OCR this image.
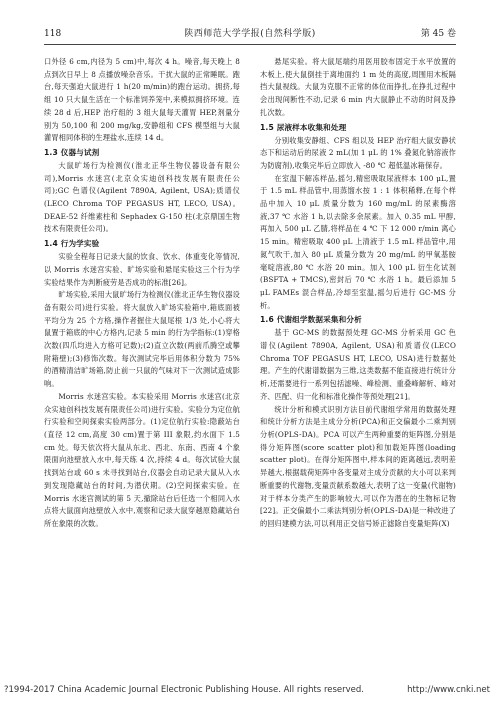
118	陕西师范大学学报(自然科学版)	第 45 卷

口外径 6 cm,内径为 5 cm)中,每次 4 h。噪音,每天晚上 8 点到次日早上 8 点播放噪杂音乐。干扰大鼠的正常睡眠。跑台,每天强迫大鼠进行 1 h(20 m/min)的跑台运动。拥挤,每组 10 只大鼠生活在一个标准饲养笼中,来模拟拥挤环境。连续 28 d 后,HEP 治疗组的 3 组大鼠每天灌胃 HEP,剂量分别为 50,100 和 200 mg/kg,安静组和 CFS 模型组与大鼠灌胃相同体积的生理盐水,连续 14 d。

1.3 仪器与试剂

大鼠旷场行为检测仪(淮北正华生物仪器设备有限公司),Morris 水迷宫(北京众实迪创科技发展有限责任公司);GC 色谱仪(Agilent 7890A, Agilent, USA);质谱仪(LECO Chroma TOF PEGASUS HT, LECO, USA)。DEAE-52 纤维素柱和 Sephadex G-150 柱(北京鼎国生物技术有限责任公司)。

1.4 行为学实验

实验全程每日记录大鼠的饮食、饮水、体重变化等情况,以 Morris 水迷宫实验、旷场实验和悬尾实验这三个行为学实验结果作为判断疲劳是否成功的标准[26]。

旷场实验,采用大鼠旷场行为检测仪(淮北正华生物仪器设备有限公司)进行实验。将大鼠放入旷场实验箱中,箱底面被平均分为 25 个方格,操作者握住大鼠尾根 1/3 处,小心将大鼠置于箱底的中心方格内,记录 5 min 的行为学指标:(1)穿格次数(四爪均进入方格可记数);(2)直立次数(两前爪腾空或攀附箱壁);(3)修饰次数。每次测试完毕后用体积分数为 75% 的酒精清洁旷场箱,防止前一只鼠的气味对下一次测试造成影响。

Morris 水迷宫实验。本实验采用 Morris 水迷宫(北京众实迪创科技发展有限责任公司)进行实验。实验分为定位航行实验和空间探索实验两部分。(1)定位航行实验:隐蔽站台(直径 12 cm,高度 30 cm)置于第 III 象限,约水面下 1.5 cm 处。每天依次将大鼠从东北、西北、东南、西南 4 个象限面向池壁放入水中,每天练 4 次,持续 4 d。每次试验大鼠找到站台或 60 s 未寻找到站台,仪器会自动记录大鼠从入水到发现隐藏站台的时间,为潜伏期。(2)空间探索实验。在 Morris 水迷宫测试的第 5 天,撤除站台后任选一个相同入水点将大鼠面向池壁放入水中,观察和记录大鼠穿越原隐藏站台所在象限的次数。

悬尾实验。将大鼠尾端约用医用胶布固定于水平放置的木板上,使大鼠倒挂于离地面约 1 m 处的高度,周围用木板隔挡大鼠视线。大鼠为克服不正常的体位而挣扎,在挣扎过程中会出现间断性不动,记录 6 min 内大鼠静止不动的时间及挣扎次数。

1.5 尿液样本收集和处理

分别收集安静组、CFS 组以及 HEP 治疗组大鼠安静状态下和运动后的尿液 2 mL(加 1 μL 的 1% 叠氮化钠溶液作为防腐剂),收集完毕后立即放入 -80 ℃ 超低温冰箱保存。

在室温下解冻样品,摇匀,精密吸取尿液样本 100 μL,置于 1.5 mL 样品管中,用蒸馏水按 1 : 1 体积稀释,在每个样品中加入 10 μL 质量分数为 160 mg/mL 的尿素酶溶液,37 ℃ 水浴 1 h,以去除多余尿素。加入 0.35 mL 甲醇,再加入 500 μL 乙腈,将样品在 4 ℃ 下 12 000 r/min 离心 15 min。精密吸取 400 μL 上清液于 1.5 mL 样品管中,用氮气吹干,加入 80 μL 质量分数为 20 mg/mL 的甲氧基胺毫啶溶液,80 ℃ 水浴 20 min。加入 100 μL 衍生化试剂(BSFTA + TMCS),密封后 70 ℃ 水浴 1 h。最后添加 5 μL FAMEs 混合样品,冷却至室温,摇匀后进行 GC-MS 分析。

1.6 代谢组学数据采集和分析

基于 GC-MS 的数据预处理 GC-MS 分析采用 GC 色谱仪(Agilent 7890A, Agilent, USA)和质谱仪(LECO Chroma TOF PEGASUS HT, LECO, USA)进行数据处理。产生的代谢谱数据为三维,这类数据不能直接进行统计分析,还需要进行一系列包括滤噪、峰检测、重叠峰解析、峰对齐、匹配、归一化和标准化操作等预处理[21]。

统计分析和模式识别方法目前代谢组学常用的数据处理和统计分析方法是主成分分析(PCA)和正交偏最小二乘判别分析(OPLS-DA)。PCA 可以产生两种重要的矩阵图,分别是得分矩阵图(score scatter plot)和加载矩阵图(loading scatter plot)。在得分矩阵图中,样本间的距离越远,表明差异越大,根据载荷矩阵中各变量对主成分贡献的大小可以来判断重要的代谢物,变量贡献系数越大,表明了这一变量(代谢物)对于样本分类产生的影响较大,可以作为潜在的生物标记物[22]。正交偏最小二乘法判别分析(OPLS-DA)是一种改进了的回归建模方法,可以利用正交信号矫正滤除自变量矩阵(X)

?1994-2017 China Academic Journal Electronic Publishing House. All rights reserved.	http://www.cnki.net
